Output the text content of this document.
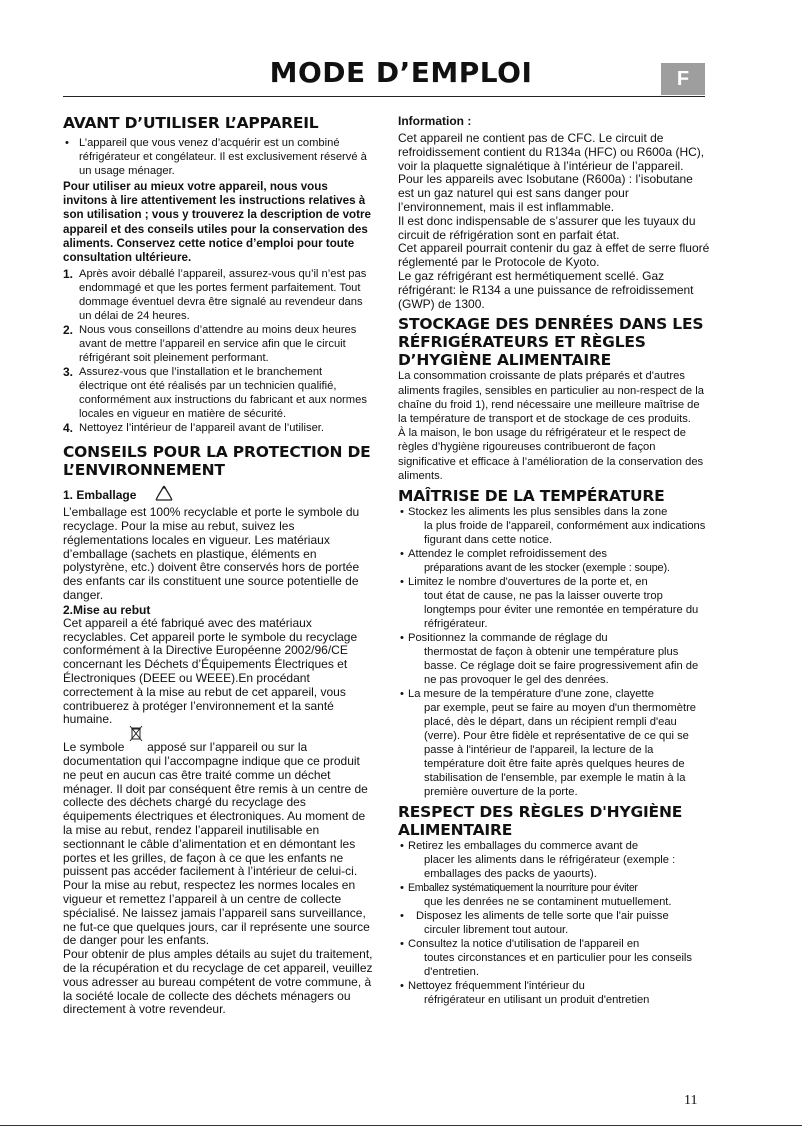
MODE D’EMPLOI	F
AVANT D’UTILISER L’APPAREIL
• L’appareil que vous venez d’acquérir est un combiné réfrigérateur et congélateur. Il est exclusivement réservé à un usage ménager.
Pour utiliser au mieux votre appareil, nous vous invitons à lire attentivement les instructions relatives à son utilisation ; vous y trouverez la description de votre appareil et des conseils utiles pour la conservation des aliments. Conservez cette notice d’emploi pour toute consultation ultérieure.
1. Après avoir déballé l’appareil, assurez-vous qu’il n’est pas endommagé et que les portes ferment parfaitement. Tout dommage éventuel devra être signalé au revendeur dans un délai de 24 heures.
2. Nous vous conseillons d’attendre au moins deux heures avant de mettre l’appareil en service afin que le circuit réfrigérant soit pleinement performant.
3. Assurez-vous que l’installation et le branchement électrique ont été réalisés par un technicien qualifié, conformément aux instructions du fabricant et aux normes locales en vigueur en matière de sécurité.
4. Nettoyez l’intérieur de l’appareil avant de l’utiliser.
CONSEILS POUR LA PROTECTION DE L’ENVIRONNEMENT
1. Emballage
L’emballage est 100% recyclable et porte le symbole du recyclage. Pour la mise au rebut, suivez les réglementations locales en vigueur. Les matériaux d’emballage (sachets en plastique, éléments en polystyrène, etc.) doivent être conservés hors de portée des enfants car ils constituent une source potentielle de danger.
2.Mise au rebut
Cet appareil a été fabriqué avec des matériaux recyclables. Cet appareil porte le symbole du recyclage conformément à la Directive Européenne 2002/96/CE concernant les Déchets d’Équipements Électriques et Électroniques (DEEE ou WEEE).En procédant correctement à la mise au rebut de cet appareil, vous contribuerez à protéger l’environnement et la santé humaine.
Le symbole apposé sur l’appareil ou sur la documentation qui l’accompagne indique que ce produit ne peut en aucun cas être traité comme un déchet ménager. Il doit par conséquent être remis à un centre de collecte des déchets chargé du recyclage des équipements électriques et électroniques. Au moment de la mise au rebut, rendez l’appareil inutilisable en sectionnant le câble d’alimentation et en démontant les portes et les grilles, de façon à ce que les enfants ne puissent pas accéder facilement à l’intérieur de celui-ci.
Pour la mise au rebut, respectez les normes locales en vigueur et remettez l’appareil à un centre de collecte spécialisé. Ne laissez jamais l’appareil sans surveillance, ne fut-ce que quelques jours, car il représente une source de danger pour les enfants.
Pour obtenir de plus amples détails au sujet du traitement, de la récupération et du recyclage de cet appareil, veuillez vous adresser au bureau compétent de votre commune, à la société locale de collecte des déchets ménagers ou directement à votre revendeur.
Information :
Cet appareil ne contient pas de CFC. Le circuit de refroidissement contient du R134a (HFC) ou R600a (HC), voir la plaquette signalétique à l’intérieur de l’appareil.
Pour les appareils avec Isobutane (R600a) : l’isobutane est un gaz naturel qui est sans danger pour l’environnement, mais il est inflammable.
Il est donc indispensable de s’assurer que les tuyaux du circuit de réfrigération sont en parfait état.
Cet appareil pourrait contenir du gaz à effet de serre fluoré réglementé par le Protocole de Kyoto.
Le gaz réfrigérant est hermétiquement scellé. Gaz réfrigérant: le R134 a une puissance de refroidissement (GWP) de 1300.
STOCKAGE DES DENRÉES DANS LES RÉFRIGÉRATEURS ET RÈGLES D’HYGIÈNE ALIMENTAIRE
La consommation croissante de plats préparés et d'autres aliments fragiles, sensibles en particulier au non-respect de la chaîne du froid 1), rend nécessaire une meilleure maîtrise de la température de transport et de stockage de ces produits.
À la maison, le bon usage du réfrigérateur et le respect de règles d’hygiène rigoureuses contribueront de façon significative et efficace à l’amélioration de la conservation des aliments.
MAÎTRISE DE LA TEMPÉRATURE
• Stockez les aliments les plus sensibles dans la zone
la plus froide de l'appareil, conformément aux indications figurant dans cette notice.
• Attendez le complet refroidissement des
préparations avant de les stocker (exemple : soupe).
• Limitez le nombre d'ouvertures de la porte et, en
tout état de cause, ne pas la laisser ouverte trop longtemps pour éviter une remontée en température du réfrigérateur.
• Positionnez la commande de réglage du
thermostat de façon à obtenir une température plus basse. Ce réglage doit se faire progressivement afin de ne pas provoquer le gel des denrées.
• La mesure de la température d'une zone, clayette
par exemple, peut se faire au moyen d'un thermomètre placé, dès le départ, dans un récipient rempli d'eau (verre). Pour être fidèle et représentative de ce qui se passe à l'intérieur de l'appareil, la lecture de la température doit être faite après quelques heures de stabilisation de l'ensemble, par exemple le matin à la première ouverture de la porte.
RESPECT DES RÈGLES D'HYGIÈNE ALIMENTAIRE
• Retirez les emballages du commerce avant de
placer les aliments dans le réfrigérateur (exemple : emballages des packs de yaourts).
• Emballez systématiquement la nourriture pour éviter
que les denrées ne se contaminent mutuellement.
•	Disposez les aliments de telle sorte que l'air puisse
circuler librement tout autour.
• Consultez la notice d'utilisation de l'appareil en
toutes circonstances et en particulier pour les conseils d'entretien.
• Nettoyez fréquemment l'intérieur du
réfrigérateur en utilisant un produit d'entretien
11
